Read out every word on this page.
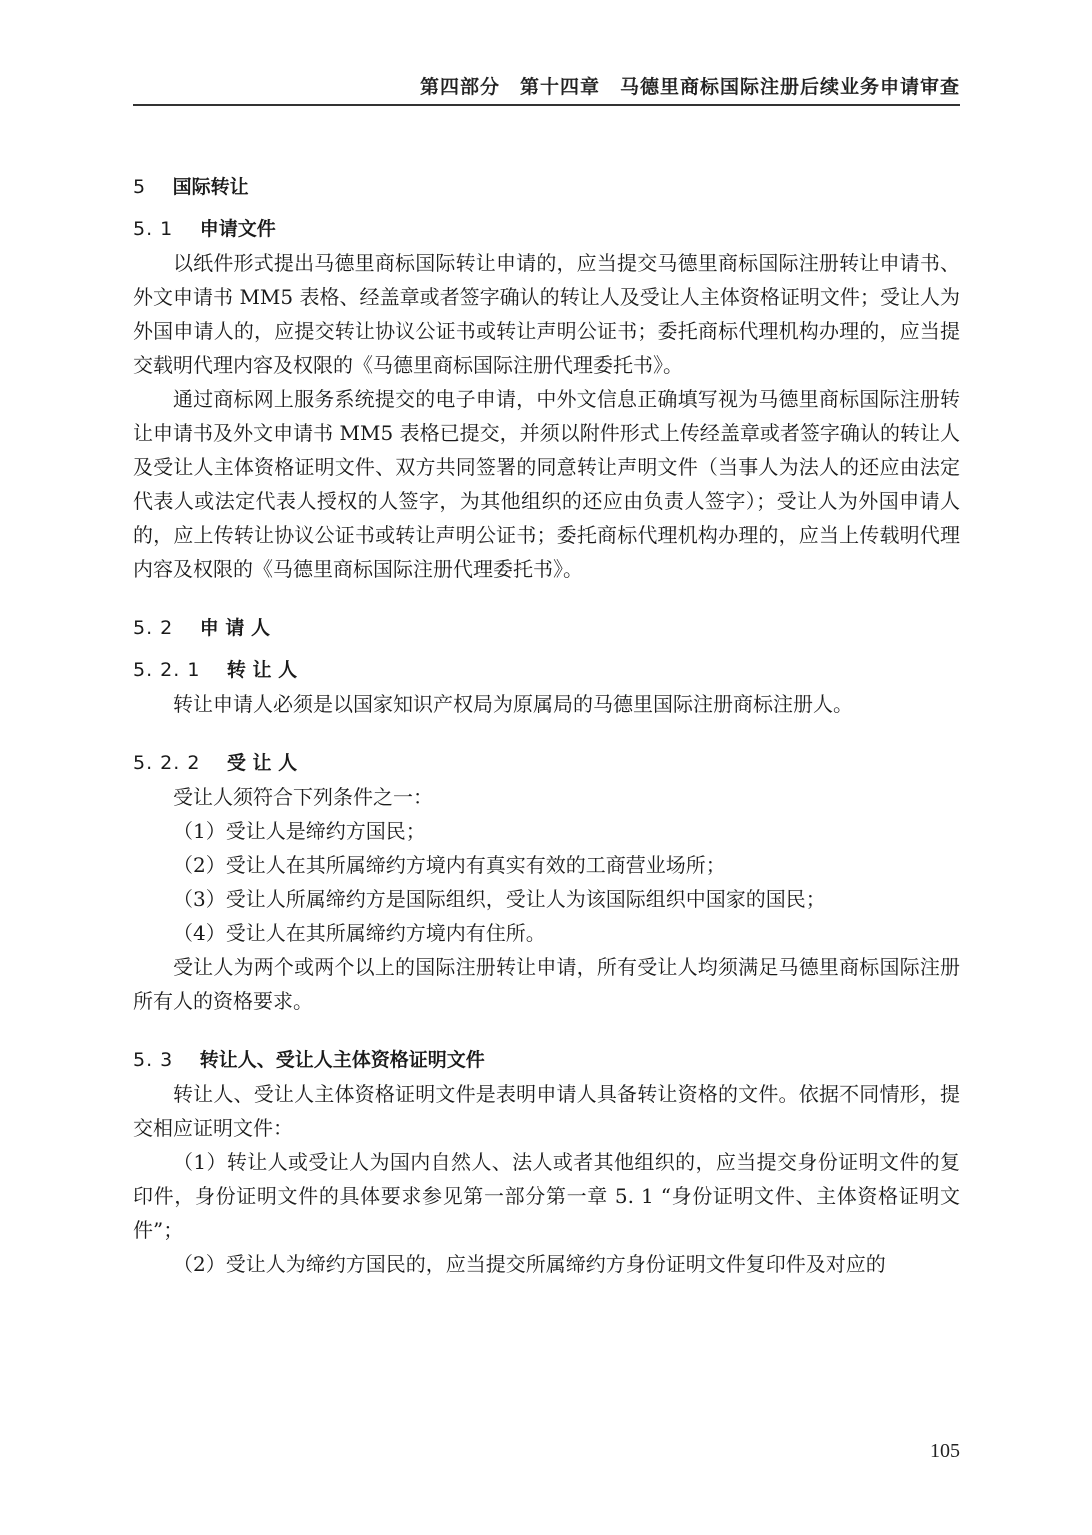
第四部分　第十四章　马德里商标国际注册后续业务申请审查
5 国际转让
5. 1 申请文件

以纸件形式提出马德里商标国际转让申请的，应当提交马德里商标国际注册转让申请书、外文申请书 MM5 表格、经盖章或者签字确认的转让人及受让人主体资格证明文件；受让人为外国申请人的，应提交转让协议公证书或转让声明公证书；委托商标代理机构办理的，应当提交载明代理内容及权限的《马德里商标国际注册代理委托书》。

通过商标网上服务系统提交的电子申请，中外文信息正确填写视为马德里商标国际注册转让申请书及外文申请书 MM5 表格已提交，并须以附件形式上传经盖章或者签字确认的转让人及受让人主体资格证明文件、双方共同签署的同意转让声明文件（当事人为法人的还应由法定代表人或法定代表人授权的人签字，为其他组织的还应由负责人签字）；受让人为外国申请人的，应上传转让协议公证书或转让声明公证书；委托商标代理机构办理的，应当上传载明代理内容及权限的《马德里商标国际注册代理委托书》。

5. 2 申 请 人
5. 2. 1 转 让 人

转让申请人必须是以国家知识产权局为原属局的马德里国际注册商标注册人。

5. 2. 2 受 让 人

受让人须符合下列条件之一：

（1）受让人是缔约方国民；

（2）受让人在其所属缔约方境内有真实有效的工商营业场所；

（3）受让人所属缔约方是国际组织，受让人为该国际组织中国家的国民；

（4）受让人在其所属缔约方境内有住所。

受让人为两个或两个以上的国际注册转让申请，所有受让人均须满足马德里商标国际注册所有人的资格要求。

5. 3 转让人、受让人主体资格证明文件

转让人、受让人主体资格证明文件是表明申请人具备转让资格的文件。依据不同情形，提交相应证明文件：

（1）转让人或受让人为国内自然人、法人或者其他组织的，应当提交身份证明文件的复印件，身份证明文件的具体要求参见第一部分第一章 5. 1 “身份证明文件、主体资格证明文件”；

（2）受让人为缔约方国民的，应当提交所属缔约方身份证明文件复印件及对应的

105
